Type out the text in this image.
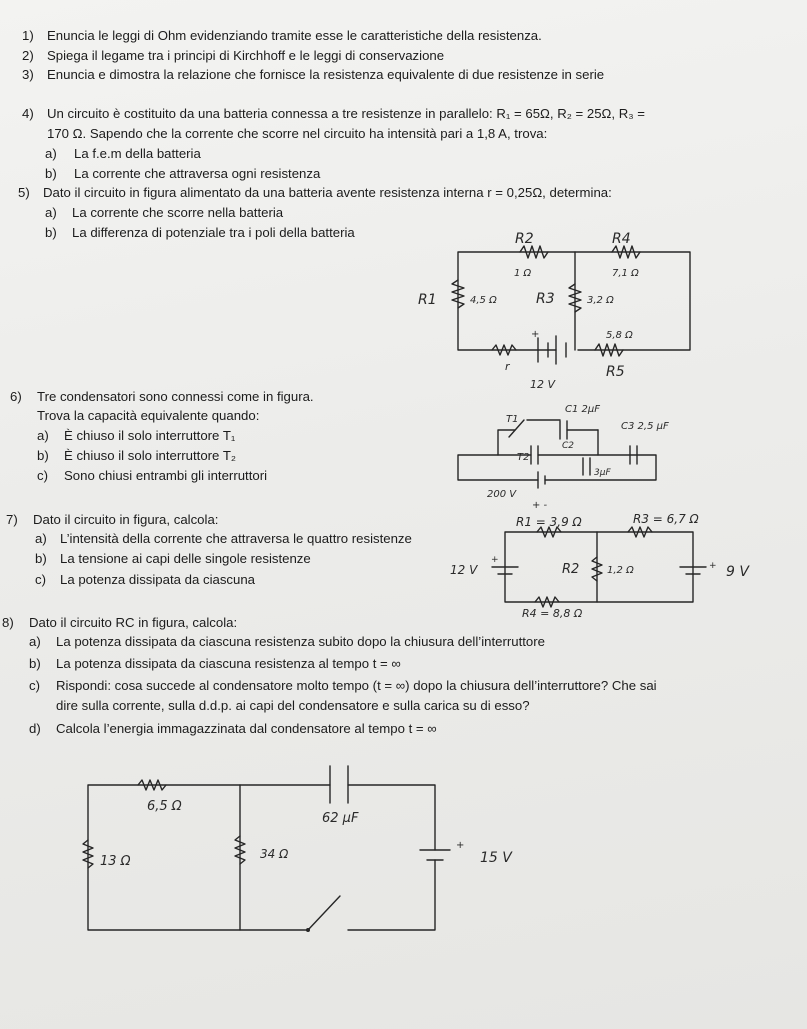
1) Enuncia le leggi di Ohm evidenziando tramite esse le caratteristiche della resistenza.
2) Spiega il legame tra i principi di Kirchhoff e le leggi di conservazione
3) Enuncia e dimostra la relazione che fornisce la resistenza equivalente di due resistenze in serie
4) Un circuito è costituito da una batteria connessa a tre resistenze in parallelo: R₁ = 65Ω, R₂ = 25Ω, R₃ =
170 Ω. Sapendo che la corrente che scorre nel circuito ha intensità pari a 1,8 A, trova:
a) La f.e.m della batteria
b) La corrente che attraversa ogni resistenza
5) Dato il circuito in figura alimentato da una batteria avente resistenza interna r = 0,25Ω, determina:
a) La corrente che scorre nella batteria
b) La differenza di potenziale tra i poli della batteria
6) Tre condensatori sono connessi come in figura.
Trova la capacità equivalente quando:
a) È chiuso il solo interruttore T₁
b) È chiuso il solo interruttore T₂
c) Sono chiusi entrambi gli interruttori
7) Dato il circuito in figura, calcola:
a) L’intensità della corrente che attraversa le quattro resistenze
b) La tensione ai capi delle singole resistenze
c) La potenza dissipata da ciascuna
8) Dato il circuito RC in figura, calcola:
a) La potenza dissipata da ciascuna resistenza subito dopo la chiusura dell’interruttore
b) La potenza dissipata da ciascuna resistenza al tempo t = ∞
c) Rispondi: cosa succede al condensatore molto tempo (t = ∞) dopo la chiusura dell’interruttore? Che sai
dire sulla corrente, sulla d.d.p. ai capi del condensatore e sulla carica su di esso?
d) Calcola l’energia immagazzinata dal condensatore al tempo t = ∞
R2
1 Ω
R4
7,1 Ω
R1	4,5 Ω	R3	3,2 Ω
5,8 Ω
R5
r
12 V
+
T1
T2
C1 2μF
C2
3μF
C3 2,5 μF
200 V
+ -
R1 = 3,9 Ω	R3 = 6,7 Ω
R2	1,2 Ω
R4 = 8,8 Ω
12 V	9 V
+
+
6,5 Ω
13 Ω	34 Ω
62 μF
15 V
+
